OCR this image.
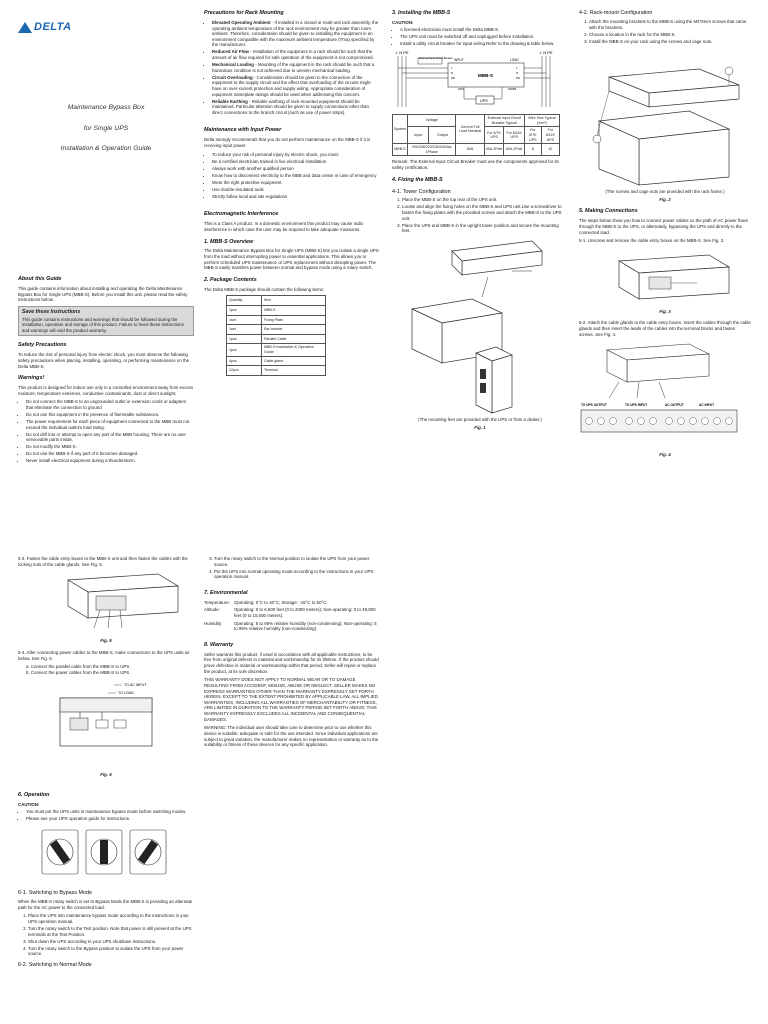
DELTA
Maintenance Bypass Box
for Single UPS
Installation & Operation Guide
About this Guide

This guide contains information about installing and operating the Delta Maintenance Bypass Box for Single UPS (MBB-S). Before you install this unit, please read the safety instructions below.

Save these Instructions
This guide contains instructions and warnings that should be followed during the installation, operation and storage of this product. Failure to heed these instructions and warnings will void the product warranty.
Safety Precautions

To reduce the risk of personal injury from electric shock, you must observe the following safety precautions when placing, installing, operating, or performing maintenance on the Delta MBB-S.

Warnings!

This product is designed for indoor use only in a controlled environment away from excess moisture, temperature extremes, conductive contaminants, dust or direct sunlight.

• Do not connect the MBB-S to an ungrounded outlet or extension cords or adapters that eliminate the connection to ground
• Do not use this equipment in the presence of flammable substances.
• The power requirement for each piece of equipment connected to the MBB must not exceed the individual outlet's load rating.
• Do not drill into or attempt to open any part of the MBB housing. There are no user serviceable parts inside.
• Do not modify the MBB-S.
• Do not use the MBB-S if any part of it becomes damaged.
• Never install electrical equipment during a thunderstorm.
Precautions for Rack Mounting
• Elevated Operating Ambient - If installed in a closed or multi-unit rack assembly, the operating ambient temperature of the rack environment may be greater than room ambient. Therefore, consideration should be given to installing the equipment in an environment compatible with the maximum ambient temperature (Tma) specified by the manufacturer.
• Reduced Air Flow - Installation of the equipment in a rack should be such that the amount of air flow required for safe operation of the equipment is not compromised.
• Mechanical Loading - Mounting of the equipment in the rack should be such that a hazardous condition is not achieved due to uneven mechanical loading.
• Circuit Overloading - Consideration should be given to the connection of the equipment to the supply circuit and the effect that overloading of the circuits might have on over-current protection and supply wiring. Appropriate consideration of equipment nameplate ratings should be used when addressing this concern.
• Reliable Earthing - Reliable earthing of rack-mounted equipment should be maintained. Particular attention should be given to supply connections other than direct connections to the branch circuit (such as use of power strips).
Maintenance with Input Power

Delta strongly recommends that you do not perform maintenance on the MBB-S if it is receiving input power.

• To reduce your risk of personal injury by electric shock, you must:
• Be a certified electrician trained in live electrical installation
• Always work with another qualified person
• Know how to disconnect electricity to the MBB and data center in case of emergency
• Wear the right protective equipment
• Use double-insulated tools
• Strictly follow local and site regulations
Electromagnetic Interference

This is a Class A product. In a domestic environment this product may cause radio interference in which case the user may be required to take adequate measures.

1. MBB-S Overview

The Delta Maintenance Bypass Box for Single UPS (MBB-S) lets you isolate a single UPS from the load without interrupting power to essential applications. This allows you to perform scheduled UPS maintenance or UPS replacement without disrupting power. The MBB-S easily transfers power between normal and bypass mode using a rotary switch.

2. Package Contents

The Delta MBB-S package should contain the following items:

Quantity	Item
1pcs	MBB-S
1set	Fixing Plate
1set	Ear bracket
1pcs	Parallel Cable
1pcs	MBB-S Installation & Operation Guide
4pcs	Cable gland
12pcs	Terminal
3. Installing the MBB-S
CAUTION:
• A licensed electrician must install the Delta MBB-S.
• The UPS unit must be switched off and unplugged before installation.
• Install a utility circuit breaker for input wiring.Refer to the drawing & table below.
L N PE	L N PE
External Input Circuit Breaker INPUT	LOAD
MBB-S
L
N
PE
L
N
PE
SW1	SWB1
UPS
System	Voltage		Current Full Load Nominal	External Input Circuit Breaker Typical		Wire Size Typical (mm²)	
	Input	Output		For 5/7K UPS	For 6/11K UPS	For 5/7K UPS	For 6/11K UPS
MBB-S	200/208/220/230/240Vac 1Phase		50A	40A 2Pole	60A 2Pole	8	10

Remark: The External Input Circuit Breaker must use the components approved for its safety certification.

4. Fixing the MBB-S
4-1. Tower Configuration
1. Place the MBB-S on the top rear of the UPS unit.
2. Locate and align the fixing holes on the MBB-S and UPS unit.Use a screwdriver to fasten the fixing plates with the provided screws and attach the MBB-S to the UPS unit.
3. Place the UPS and MBB-S in the upright tower position and secure the mounting feet.
(The mounting feet are provided with the UPS or from a dealer.)
Fig. 1
4-2. Rack-mount Configuration
1. Attach the mounting brackets to the MBB-S using the M4*6mm screws that came with the brackets.
2. Choose a location in the rack for the MBB-S.
3. Install the MBB-S on your rack using the screws and cage nuts.
(The screws and cage nuts are provided with the rack frame.)
Fig. 2
5. Making Connections

The steps below show you how to connect power cables so the path of AC power flows through the MBB-S to the UPS, or alternately, bypassing the UPS and directly to the connected load.

5-1. Unscrew and remove the cable entry boxes on the MBB-S. See Fig. 3.

Fig. 3

5-2. Attach the cable glands to the cable entry boxes. Insert the cables through the cable glands and then insert the leads of the cables into the terminal blocks and fasten screws. See Fig. 4.

TO UPS OUTPUT	TO UPS INPUT	AC OUTPUT	AC INPUT
Fig. 4

5-3. Fasten the cable entry boxes to the MBB-S unit and then fasten the cables with the locking nuts of the cable glands. See Fig. 5.

Fig. 5

5-4. After connecting power cables to the MBB-S, make connections to the UPS units as below. See Fig. 6.

a. Connect the parallel cable from the MBB-S to UPS.

b. Connect the power cables from the MBB-S to UPS.

TO AC INPUT
TO LOAD
Fig. 6
6. Operation
CAUTION:
• You must put the UPS units in maintenance bypass mode before switching modes.
• Please see your UPS operation guide for instructions.
6-1. Switching to Bypass Mode

When the MBB-S rotary switch is set to Bypass Mode the MBB-S is providing an alternate path for the AC power to the connected load.

1. Place the UPS into maintenance bypass mode according to the instructions in your UPS operation manual.
2. Turn the rotary switch to the Test position. Note that power is still present at the UPS terminals at the Test Position.
3. Shut down the UPS according to your UPS shutdown instructions.
4. Turn the rotary switch to the Bypass position to isolate the UPS from your power source.
6-2. Switching to Normal Mode
3. Turn the rotary switch to the Normal position to isolate the UPS from your power source.
4. Put the UPS into normal operating mode according to the instructions in your UPS operation manual.
7. Environmental
Temperature: Operating: 0°C to 40°C; Storage: -15°C to 50°C.
Altitude:	Operating: 0 to 6,600 feet (0 to 2000 meters); Non-operating: 0 to 49,000 feet (0 to 15,000 meters).
Humidity:	Operating: 5 to 95% relative humidity (non-condensing); Non-operating: 5 to 95% relative humidity (non-condensing).
8. Warranty

Seller warrants this product, if used in accordance with all applicable instructions, to be free from original defects in material and workmanship for its lifetime. If the product should prove defective in material or workmanship within that period, Seller will repair or replace the product, at its sole discretion.

THIS WARRANTY DOES NOT APPLY TO NORMAL WEAR OR TO DAMAGE RESULTING FROM ACCIDENT, MISUSE, ABUSE OR NEGLECT. SELLER MAKES NO EXPRESS WARRANTIES OTHER THAN THE WARRANTY EXPRESSLY SET FORTH HEREIN. EXCEPT TO THE EXTENT PROHIBITED BY APPLICABLE LAW, ALL IMPLIED WARRANTIES, INCLUDING ALL WARRANTIES OF MERCHANTABILITY OR FITNESS, ARE LIMITED IN DURATION TO THE WARRANTY PERIOD SET FORTH ABOVE; THIS WARRANTY EXPRESSLY EXCLUDES ALL INCIDENTAL AND CONSEQUENTIAL DAMAGES.

WARNING: The individual user should take care to determine prior to use whether this device is suitable, adequate or safe for the use intended. Since individual applications are subject to great variation, the manufacturer makes no representation or warranty as to the suitability or fitness of these devices for any specific application.
